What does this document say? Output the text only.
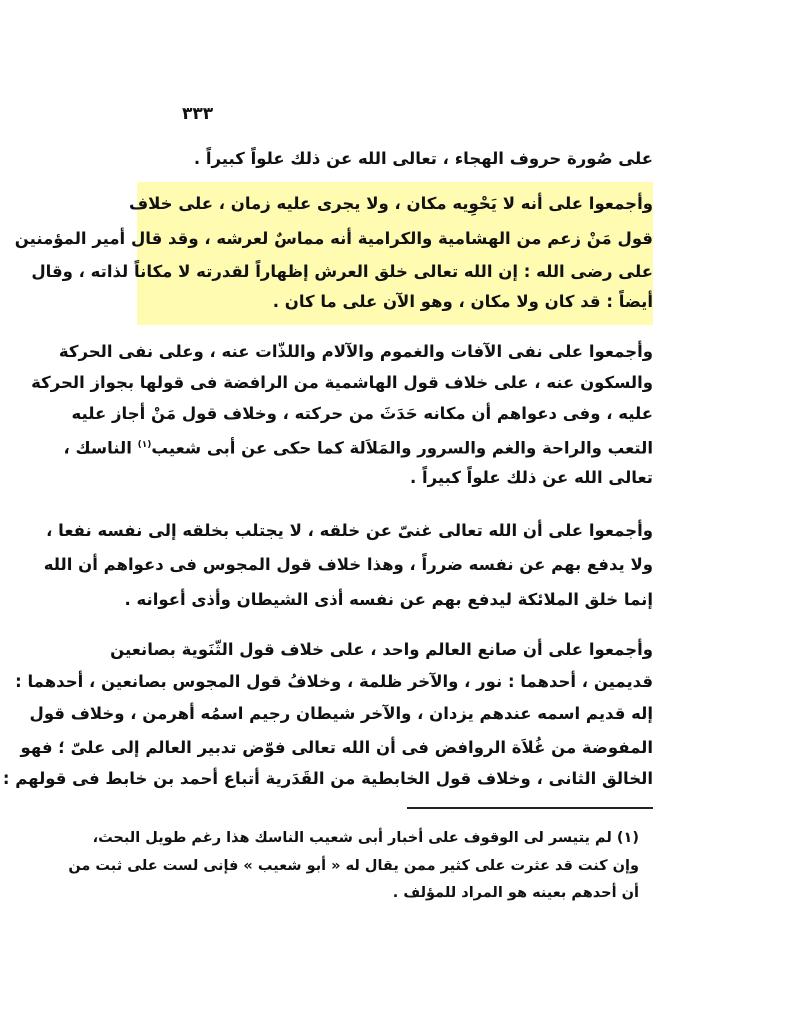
٣٣٣
على صُورة حروف الهجاء ، تعالى الله عن ذلك علواً كبيراً .
وأجمعوا على أنه لا يَحْوِيه مكان ، ولا يجرى عليه زمان ، على خلاف
قول مَنْ زعم من الهشامية والكرامية أنه مماسٌ لعرشه ، وقد قال أمير المؤمنين
على رضى الله : إن الله تعالى خلق العرش إظهاراً لقدرته لا مكاناً لذاته ، وقال
أيضاً : قد كان ولا مكان ، وهو الآن على ما كان .
وأجمعوا على نفى الآفات والغموم والآلام واللذّات عنه ، وعلى نفى الحركة
والسكون عنه ، على خلاف قول الهاشمية من الرافضة فى قولها بجواز الحركة
عليه ، وفى دعواهم أن مكانه حَدَثَ من حركته ، وخلاف قول مَنْ أجاز عليه
التعب والراحة والغم والسرور والمَلاَلة كما حكى عن أبى شعيب$^{(١)}$ الناسك ،
تعالى الله عن ذلك علواً كبيراً .
وأجمعوا على أن الله تعالى غنىّ عن خلقه ، لا يجتلب بخلقه إلى نفسه نفعا ،
ولا يدفع بهم عن نفسه ضرراً ، وهذا خلاف قول المجوس فى دعواهم أن الله
إنما خلق الملائكة ليدفع بهم عن نفسه أذى الشيطان وأذى أعوانه .
وأجمعوا على أن صانع العالم واحد ، على خلاف قول الثّنَوية بصانعين
قديمين ، أحدهما : نور ، والآخر ظلمة ، وخلافُ قول المجوس بصانعين ، أحدهما :
إله قديم اسمه عندهم يزدان ، والآخر شيطان رجيم اسمُه أهرمن ، وخلاف قول
المفوضة من غُلاَة الروافض فى أن الله تعالى فوّض تدبير العالم إلى علىّ ؛ فهو
الخالق الثانى ، وخلاف قول الخابطية من القَدَرية أتباع أحمد بن خابط فى قولهم :
(١) لم يتيسر لى الوقوف على أخبار أبى شعيب الناسك هذا رغم طويل البحث،
وإن كنت قد عثرت على كثير ممن يقال له « أبو شعيب » فإنى لست على ثبت من
أن أحدهم بعينه هو المراد للمؤلف .
